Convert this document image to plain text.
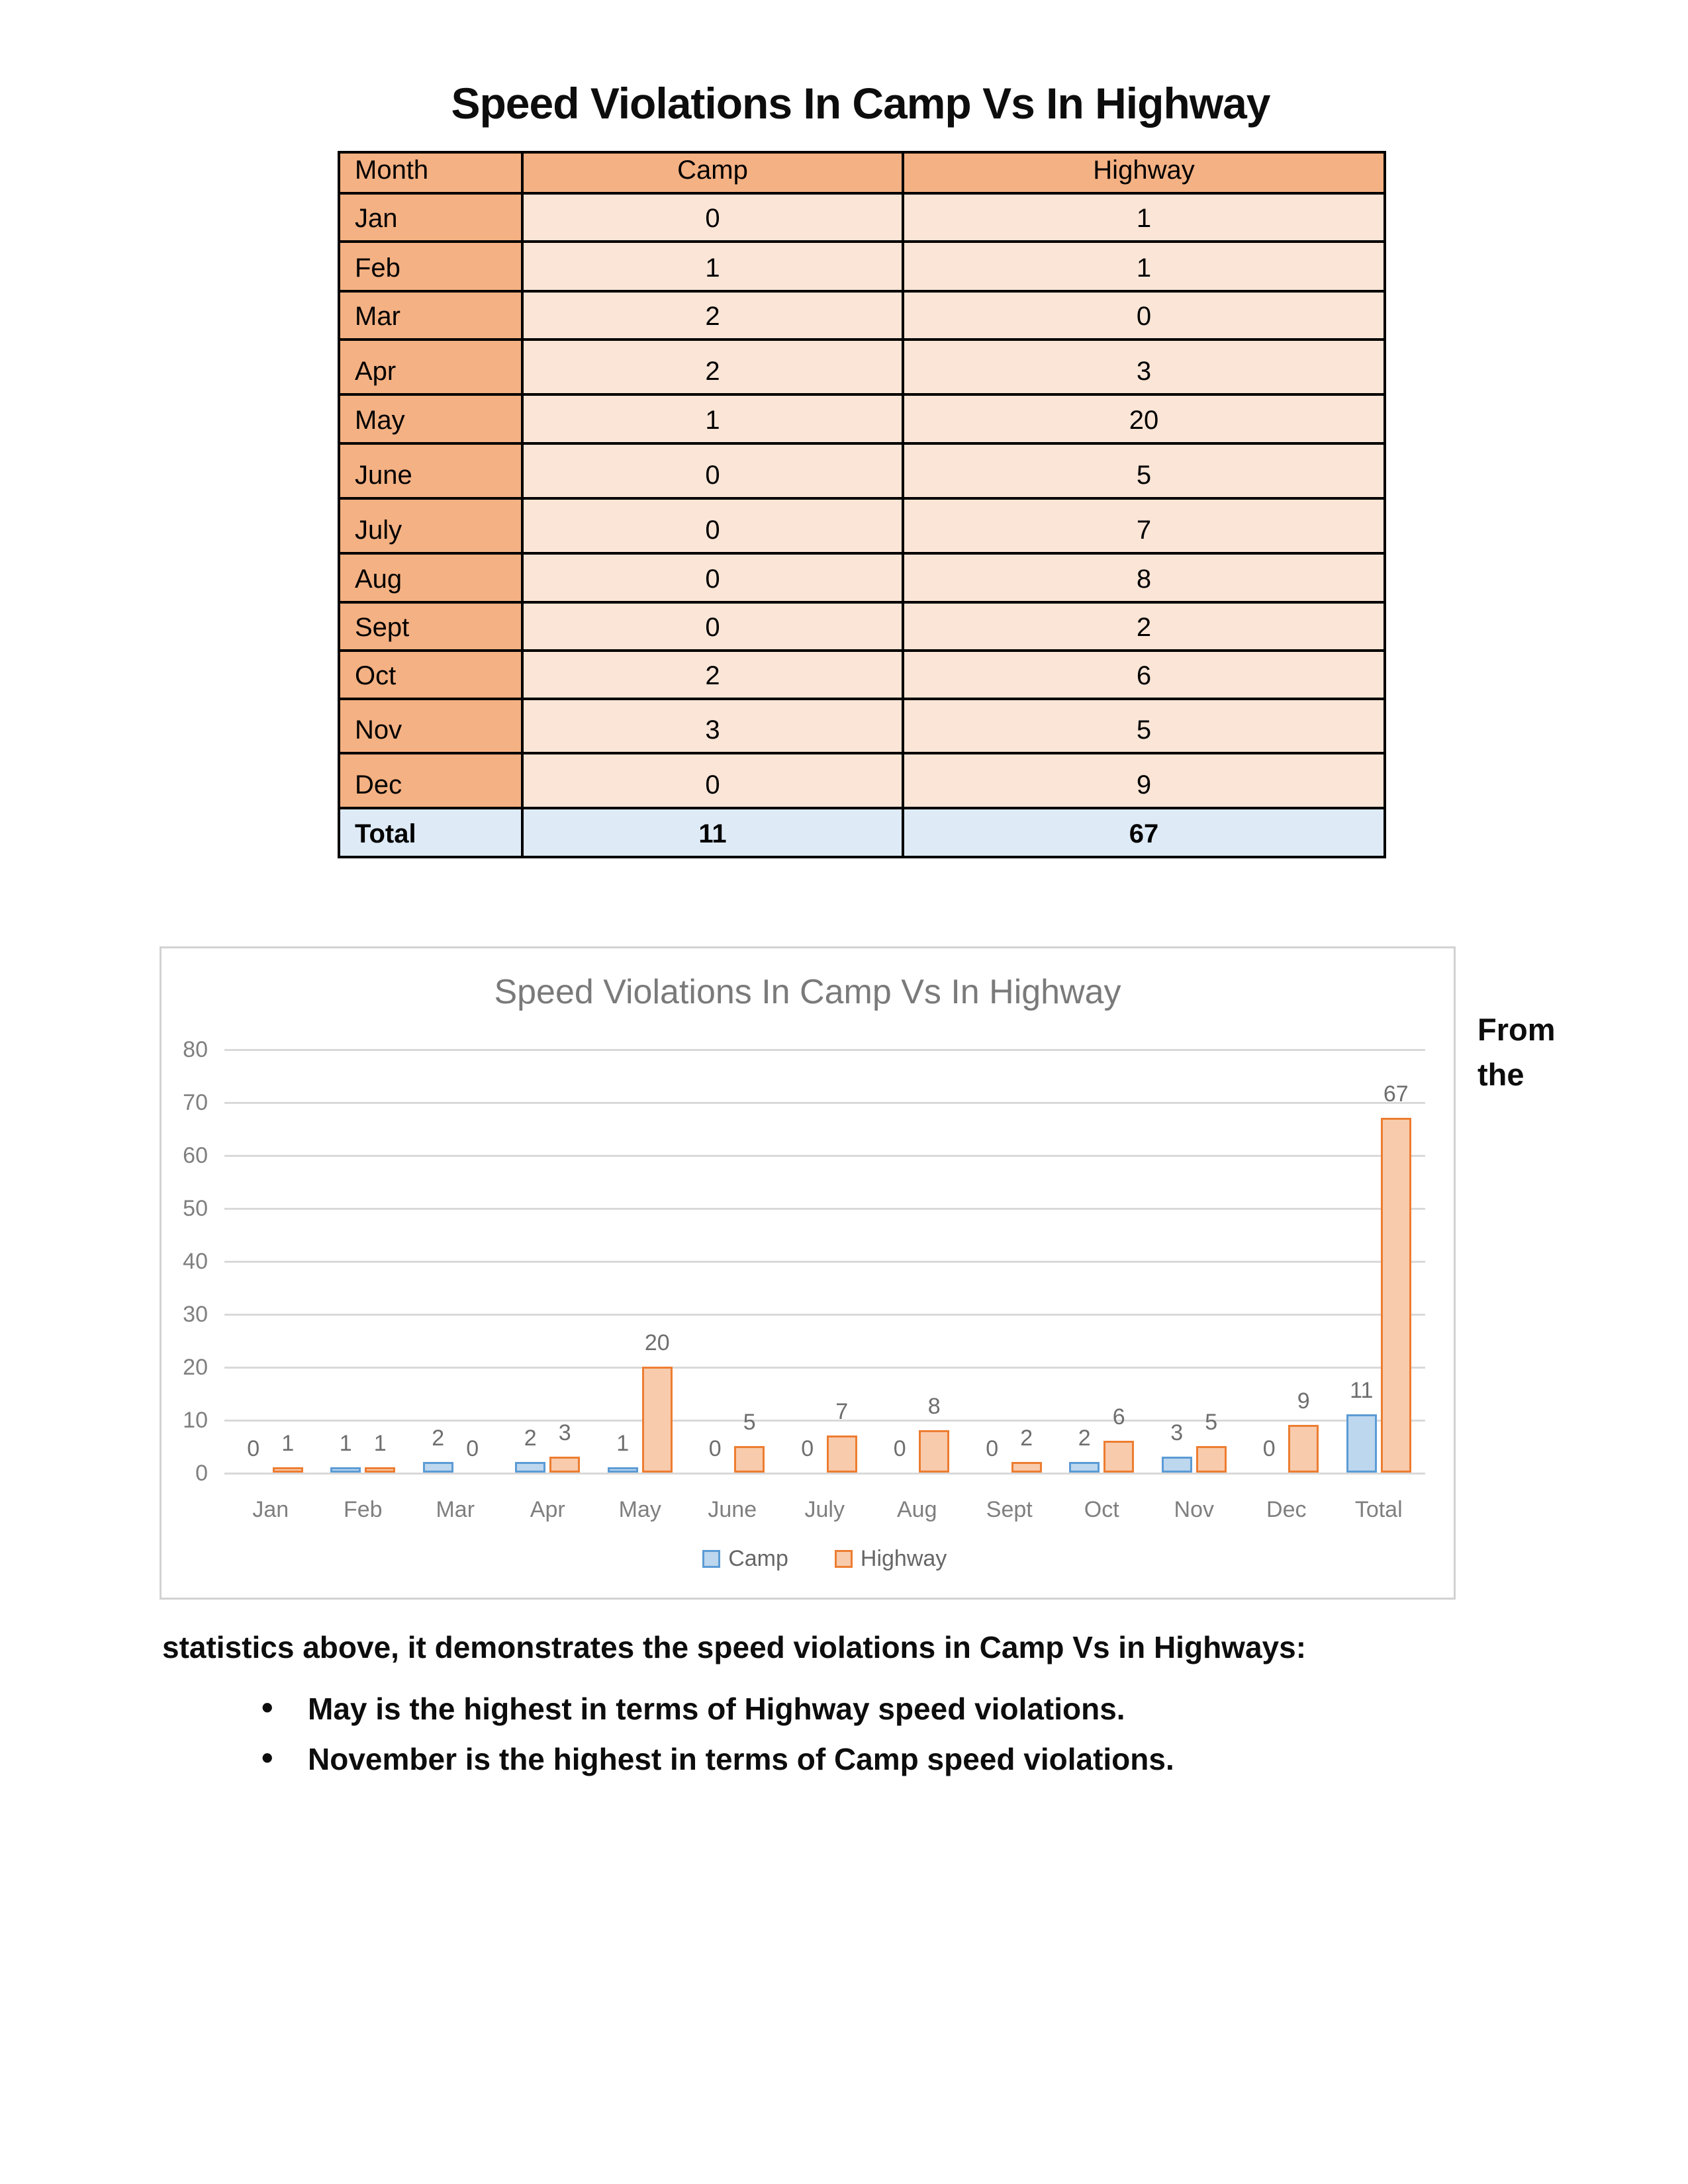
Speed Violations In Camp Vs In Highway
Month	Camp	Highway
Jan	0	1
Feb	1	1
Mar	2	0
Apr	2	3
May	1	20
June	0	5
July	0	7
Aug	0	8
Sept	0	2
Oct	2	6
Nov	3	5
Dec	0	9
Total	11	67
Speed Violations In Camp Vs In Highway
0
10
20
30
40
50
60
70
80
0 1
Jan
1 1
Feb
2 0
Mar
2 3
Apr
1
20
May
0
5
June
0
7
July
0
8
Aug
0 2
Sept
2
6
Oct
3 5
Nov
0
9
Dec
11
67
Total
Camp	Highway
From the

statistics above, it demonstrates the speed violations in Camp Vs in Highways:

• May is the highest in terms of Highway speed violations.
• November is the highest in terms of Camp speed violations.
